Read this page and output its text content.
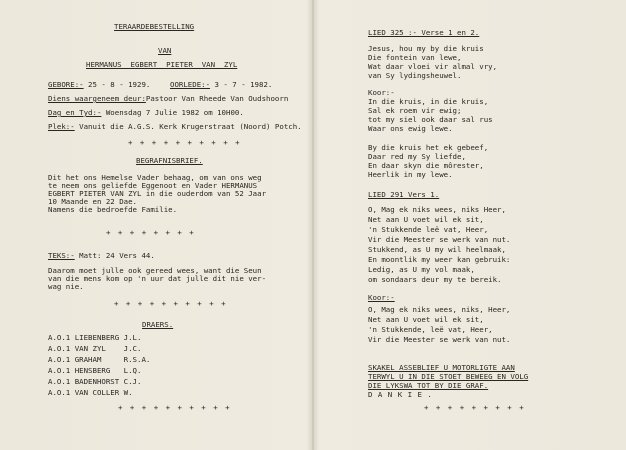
TERAARDEBESTELLING
VAN
HERMANUS  EGBERT  PIETER  VAN  ZYL
GEBORE:- 25 - 8 - 1929.	OORLEDE:- 3 - 7 - 1982.
Diens waargeneem deur:Pastoor Van Rheede Van Oudshoorn
Dag en Tyd:- Woensdag 7 Julie 1982 om 10H00.
Plek:- Vanuit die A.G.S. Kerk Krugerstraat (Noord) Potch.
+ + + + + + + + + +
BEGRAFNISBRIEF.
Dit het ons Hemelse Vader behaag, om van ons weg
te neem ons geliefde Eggenoot en Vader HERMANUS
EGBERT PIETER VAN ZYL in die ouderdom van 52 Jaar
10 Maande en 22 Dae.
Namens die bedroefde Familie.
+ + + + + + + +
TEKS:- Matt: 24 Vers 44.
Daarom moet julle ook gereed wees, want die Seun
van die mens kom op 'n uur dat julle dit nie ver-
wag nie.
+ + + + + + + + + +
DRAERS.
A.O.1 LIEBENBERG J.L.
A.O.1 VAN ZYL    J.C.
A.O.1 GRAHAM     R.S.A.
A.O.1 HENSBERG   L.Q.
A.O.1 BADENHORST C.J.
A.O.1 VAN COLLER W.
+ + + + + + + + + +
LIED 325 :- Verse 1 en 2.
Jesus, hou my by die kruis
Die fontein van lewe,
Wat daar vloei vir almal vry,
van Sy lydingsheuwel.
Koor:-
In die kruis, in die kruis,
Sal ek roem vir ewig;
tot my siel ook daar sal rus
Waar ons ewig lewe.
By die kruis het ek gebeef,
Daar red my Sy liefde,
En daar skyn die môrester,
Heerlik in my lewe.
LIED 291 Vers 1.
O, Mag ek niks wees, niks Heer,
Net aan U voet wil ek sit,
'n Stukkende leë vat, Heer,
Vir die Meester se werk van nut.
Stukkend, as U my wil heelmaak,
En moontlik my weer kan gebruik:
Ledig, as U my vol maak,
om sondaars deur my te bereik.
Koor:-
O, Mag ek niks wees, niks, Heer,
Net aan U voet wil ek sit,
'n Stukkende, leë vat, Heer,
Vir die Meester se werk van nut.
SKAKEL ASSEBLIEF U MOTORLIGTE AAN
TERWYL U IN DIE STOET BEWEEG EN VOLG
DIE LYKSWA TOT BY DIE GRAF.
D A N K I E .
+ + + + + + + + +
